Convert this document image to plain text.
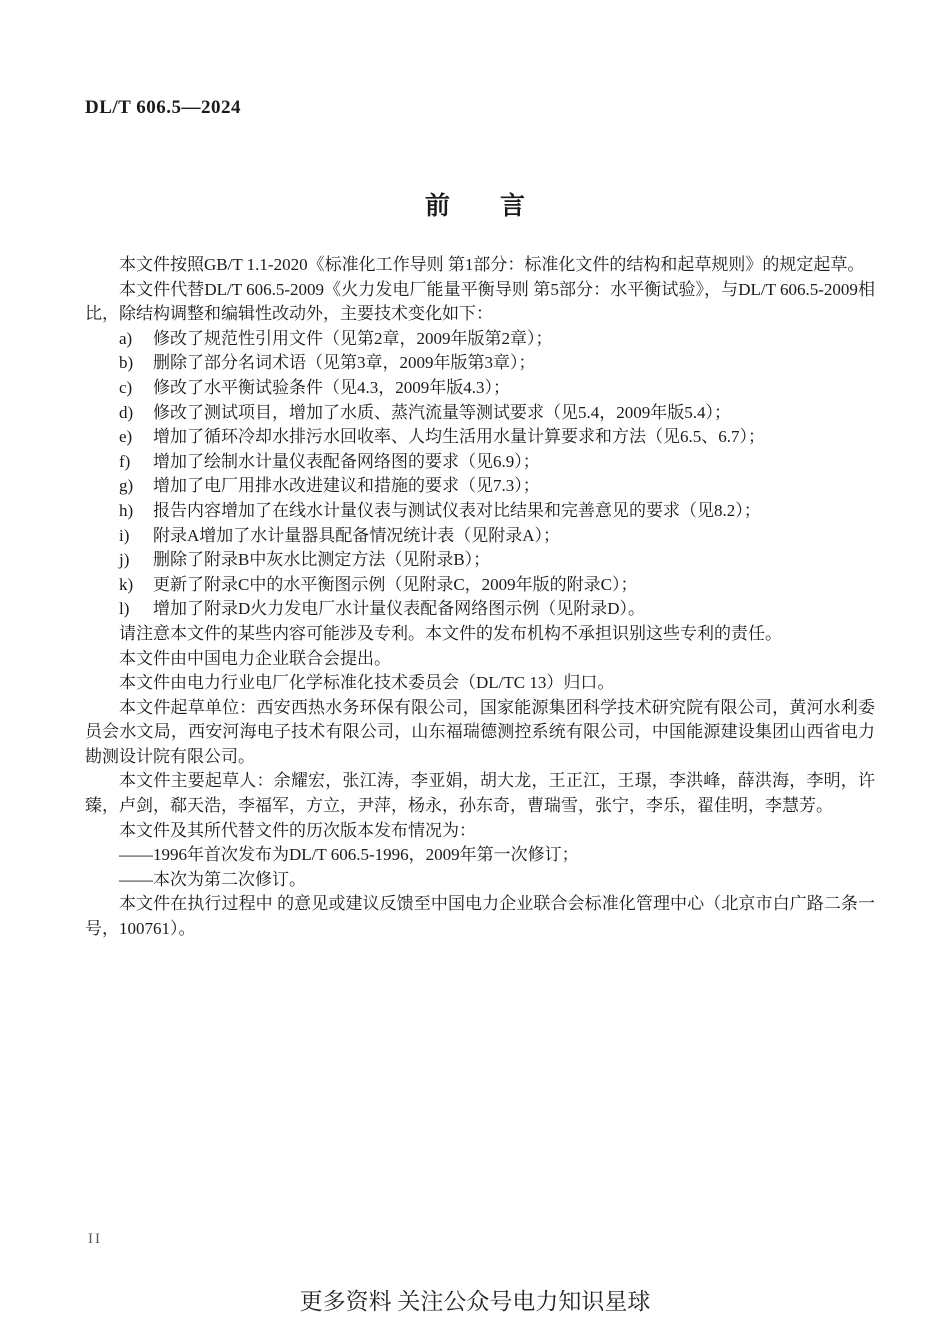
DL/T 606.5—2024
前　　言

本文件按照GB/T 1.1-2020《标准化工作导则 第1部分：标准化文件的结构和起草规则》的规定起草。

本文件代替DL/T 606.5-2009《火力发电厂能量平衡导则 第5部分：水平衡试验》，与DL/T 606.5-2009相比，除结构调整和编辑性改动外，主要技术变化如下：

a) 修改了规范性引用文件（见第2章，2009年版第2章）；
b) 删除了部分名词术语（见第3章，2009年版第3章）；
c) 修改了水平衡试验条件（见4.3，2009年版4.3）；
d) 修改了测试项目，增加了水质、蒸汽流量等测试要求（见5.4，2009年版5.4）；
e) 增加了循环冷却水排污水回收率、人均生活用水量计算要求和方法（见6.5、6.7）；
f) 增加了绘制水计量仪表配备网络图的要求（见6.9）；
g) 增加了电厂用排水改进建议和措施的要求（见7.3）；
h) 报告内容增加了在线水计量仪表与测试仪表对比结果和完善意见的要求（见8.2）；
i) 附录A增加了水计量器具配备情况统计表（见附录A）；
j) 删除了附录B中灰水比测定方法（见附录B）；
k) 更新了附录C中的水平衡图示例（见附录C，2009年版的附录C）；
l) 增加了附录D火力发电厂水计量仪表配备网络图示例（见附录D）。

请注意本文件的某些内容可能涉及专利。本文件的发布机构不承担识别这些专利的责任。

本文件由中国电力企业联合会提出。

本文件由电力行业电厂化学标准化技术委员会（DL/TC 13）归口。

本文件起草单位：西安西热水务环保有限公司，国家能源集团科学技术研究院有限公司，黄河水利委员会水文局，西安河海电子技术有限公司，山东福瑞德测控系统有限公司，中国能源建设集团山西省电力勘测设计院有限公司。

本文件主要起草人：余耀宏，张江涛，李亚娟，胡大龙，王正江，王璟，李洪峰，薛洪海，李明，许臻，卢剑，郗天浩，李福军，方立，尹萍，杨永，孙东奇，曹瑞雪，张宁，李乐，翟佳明，李慧芳。

本文件及其所代替文件的历次版本发布情况为：

——1996年首次发布为DL/T 606.5-1996，2009年第一次修订；

——本次为第二次修订。

本文件在执行过程中 的意见或建议反馈至中国电力企业联合会标准化管理中心（北京市白广路二条一号，100761）。

II
更多资料 关注公众号电力知识星球
